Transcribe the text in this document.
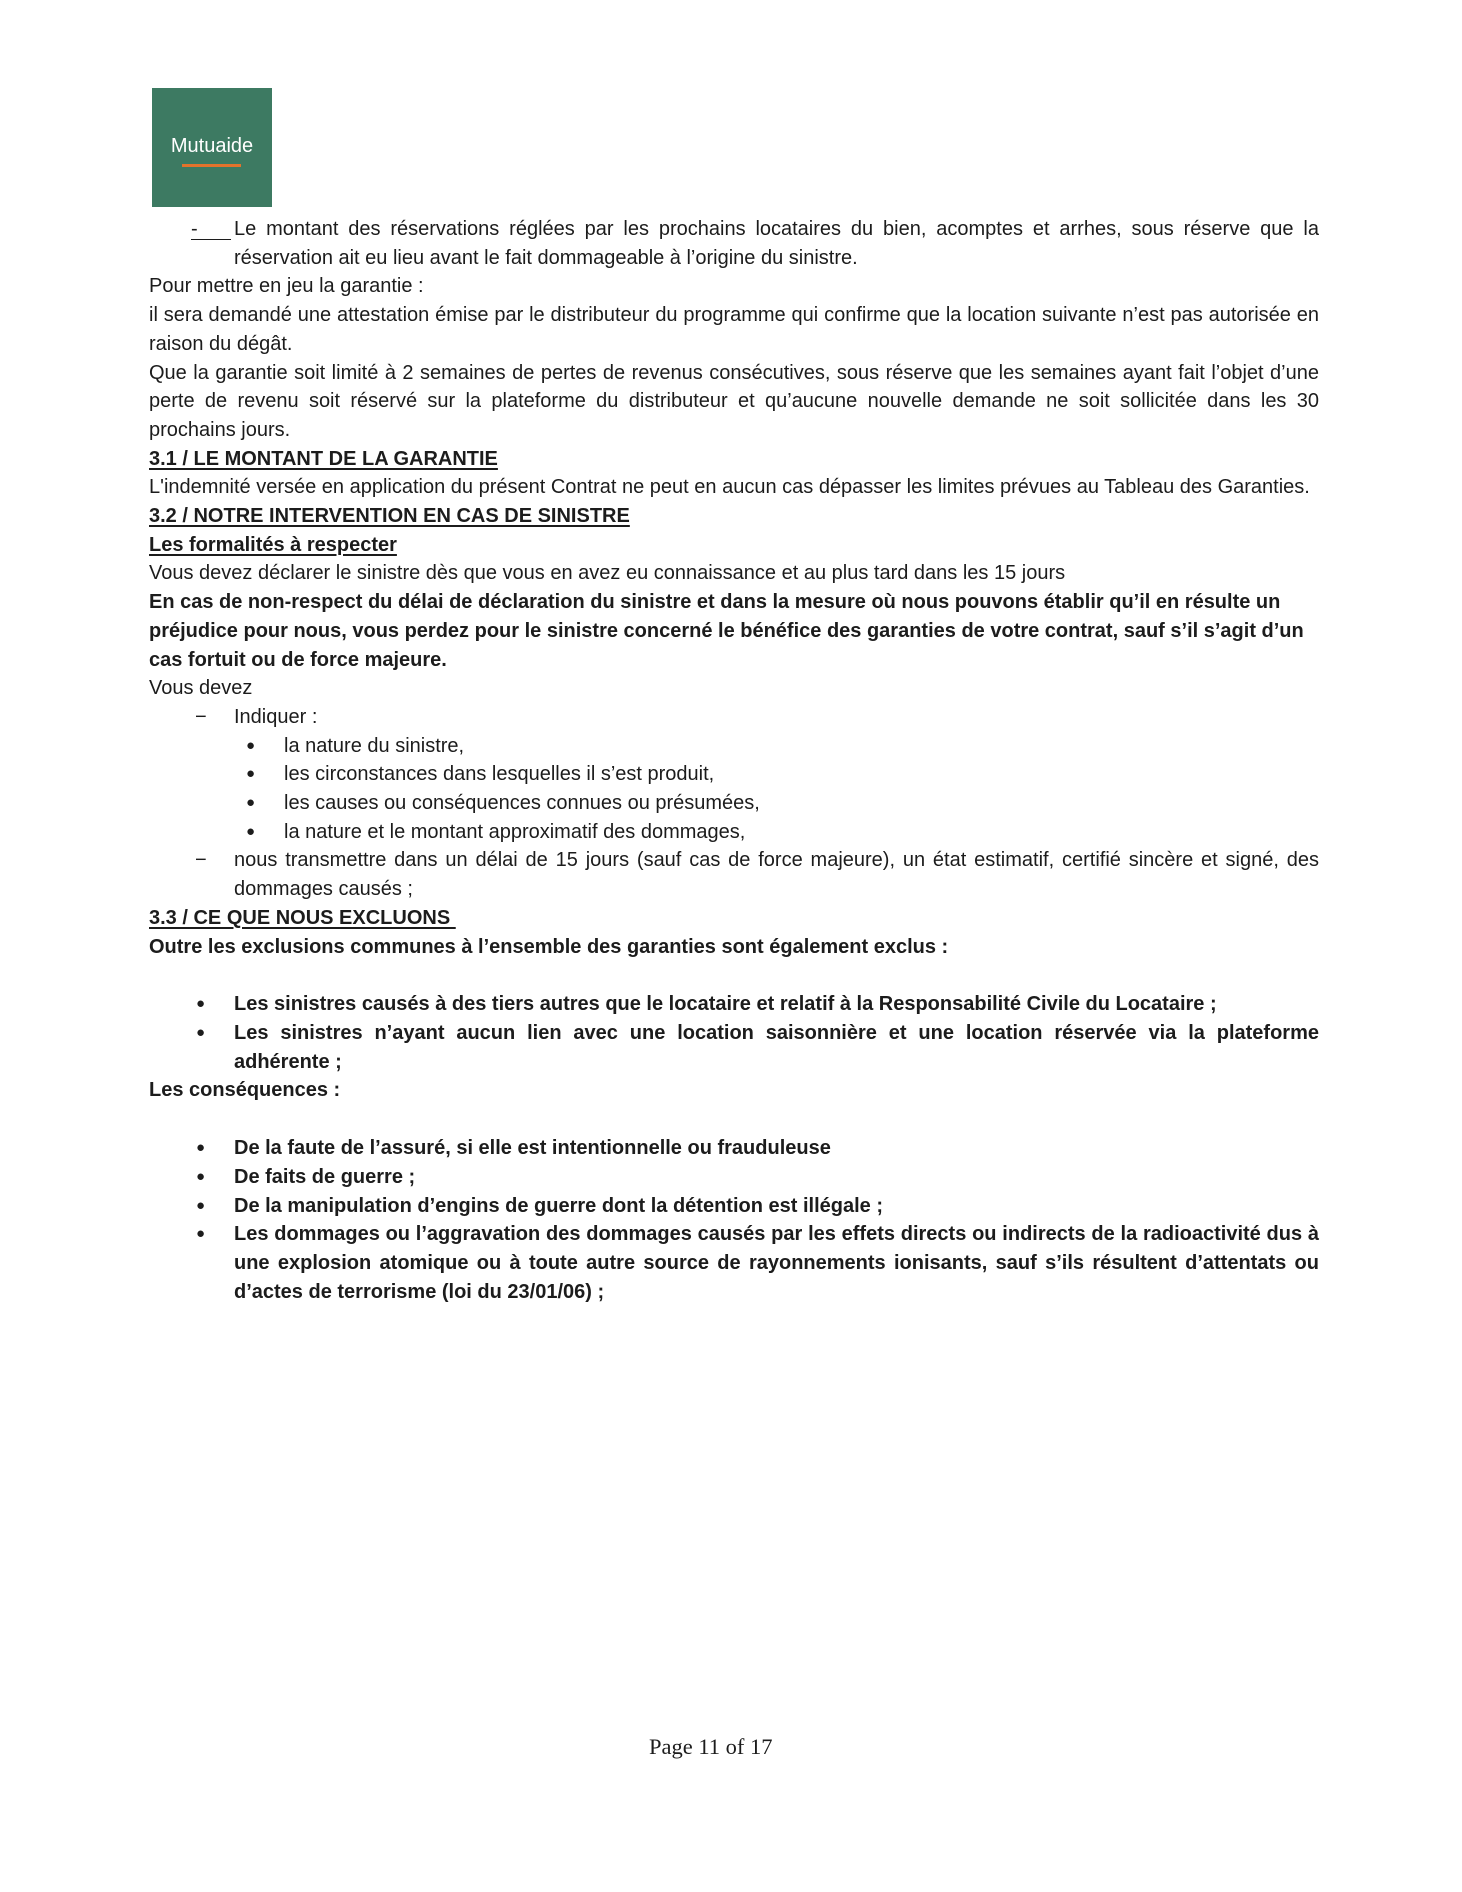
Mutuaide
-	Le montant des réservations réglées par les prochains locataires du bien, acomptes et arrhes, sous réserve que la réservation ait eu lieu avant le fait dommageable à l’origine du sinistre.

Pour mettre en jeu la garantie :

il sera demandé une attestation émise par le distributeur du programme qui confirme que la location suivante n’est pas autorisée en raison du dégât.

Que la garantie soit limité à 2 semaines de pertes de revenus consécutives, sous réserve que les semaines ayant fait l’objet d’une perte de revenu soit réservé sur la plateforme du distributeur et qu’aucune nouvelle demande ne soit sollicitée dans les 30 prochains jours.

3.1 / LE MONTANT DE LA GARANTIE

L'indemnité versée en application du présent Contrat ne peut en aucun cas dépasser les limites prévues au Tableau des Garanties.

3.2 / NOTRE INTERVENTION EN CAS DE SINISTRE

Les formalités à respecter

Vous devez déclarer le sinistre dès que vous en avez eu connaissance et au plus tard dans les 15 jours

En cas de non-respect du délai de déclaration du sinistre et dans la mesure où nous pouvons établir qu’il en résulte un préjudice pour nous, vous perdez pour le sinistre concerné le bénéfice des garanties de votre contrat, sauf s’il s’agit d’un cas fortuit ou de force majeure.

Vous devez

− Indiquer :

● la nature du sinistre,

● les circonstances dans lesquelles il s’est produit,

● les causes ou conséquences connues ou présumées,

● la nature et le montant approximatif des dommages,

− nous transmettre dans un délai de 15 jours (sauf cas de force majeure), un état estimatif, certifié sincère et signé, des dommages causés ;

3.3 / CE QUE NOUS EXCLUONS

Outre les exclusions communes à l’ensemble des garanties sont également exclus :

● Les sinistres causés à des tiers autres que le locataire et relatif à la Responsabilité Civile du Locataire ;

● Les sinistres n’ayant aucun lien avec une location saisonnière et une location réservée via la plateforme adhérente ;

Les conséquences :

● De la faute de l’assuré, si elle est intentionnelle ou frauduleuse

● De faits de guerre ;

● De la manipulation d’engins de guerre dont la détention est illégale ;

● Les dommages ou l’aggravation des dommages causés par les effets directs ou indirects de la radioactivité dus à une explosion atomique ou à toute autre source de rayonnements ionisants, sauf s’ils résultent d’attentats ou d’actes de terrorisme (loi du 23/01/06) ;

Page 11 of 17
